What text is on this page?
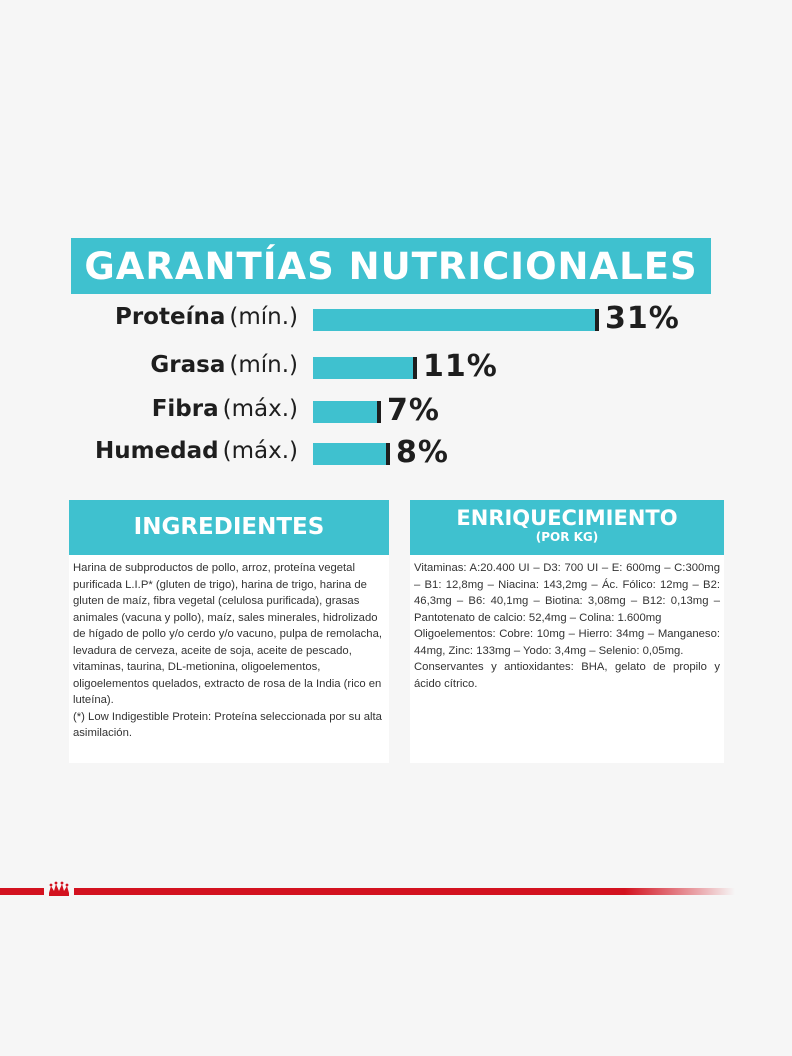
GARANTÍAS NUTRICIONALES
Proteína (mín.)	31%
Grasa (mín.)	11%
Fibra (máx.)	7%
Humedad (máx.)	8%
INGREDIENTES

Harina de subproductos de pollo, arroz, proteína vegetal purificada L.I.P* (gluten de trigo), harina de trigo, harina de gluten de maíz, fibra vegetal (celulosa purificada), grasas animales (vacuna y pollo), maíz, sales minerales, hidrolizado de hígado de pollo y/o cerdo y/o vacuno, pulpa de remolacha, levadura de cerveza, aceite de soja, aceite de pescado, vitaminas, taurina, DL-metionina, oligoelementos, oligoelementos quelados, extracto de rosa de la India (rico en luteína).

(*) Low Indigestible Protein: Proteína seleccionada por su alta asimilación.

ENRIQUECIMIENTO
(POR KG)

Vitaminas: A:20.400 UI – D3: 700 UI – E: 600mg – C:300mg – B1: 12,8mg – Niacina: 143,2mg – Ác. Fólico: 12mg – B2: 46,3mg – B6: 40,1mg – Biotina: 3,08mg – B12: 0,13mg – Pantotenato de calcio: 52,4mg – Colina: 1.600mg

Oligoelementos: Cobre: 10mg – Hierro: 34mg – Manganeso: 44mg, Zinc: 133mg – Yodo: 3,4mg – Selenio: 0,05mg.

Conservantes y antioxidantes: BHA, gelato de propilo y ácido cítrico.
